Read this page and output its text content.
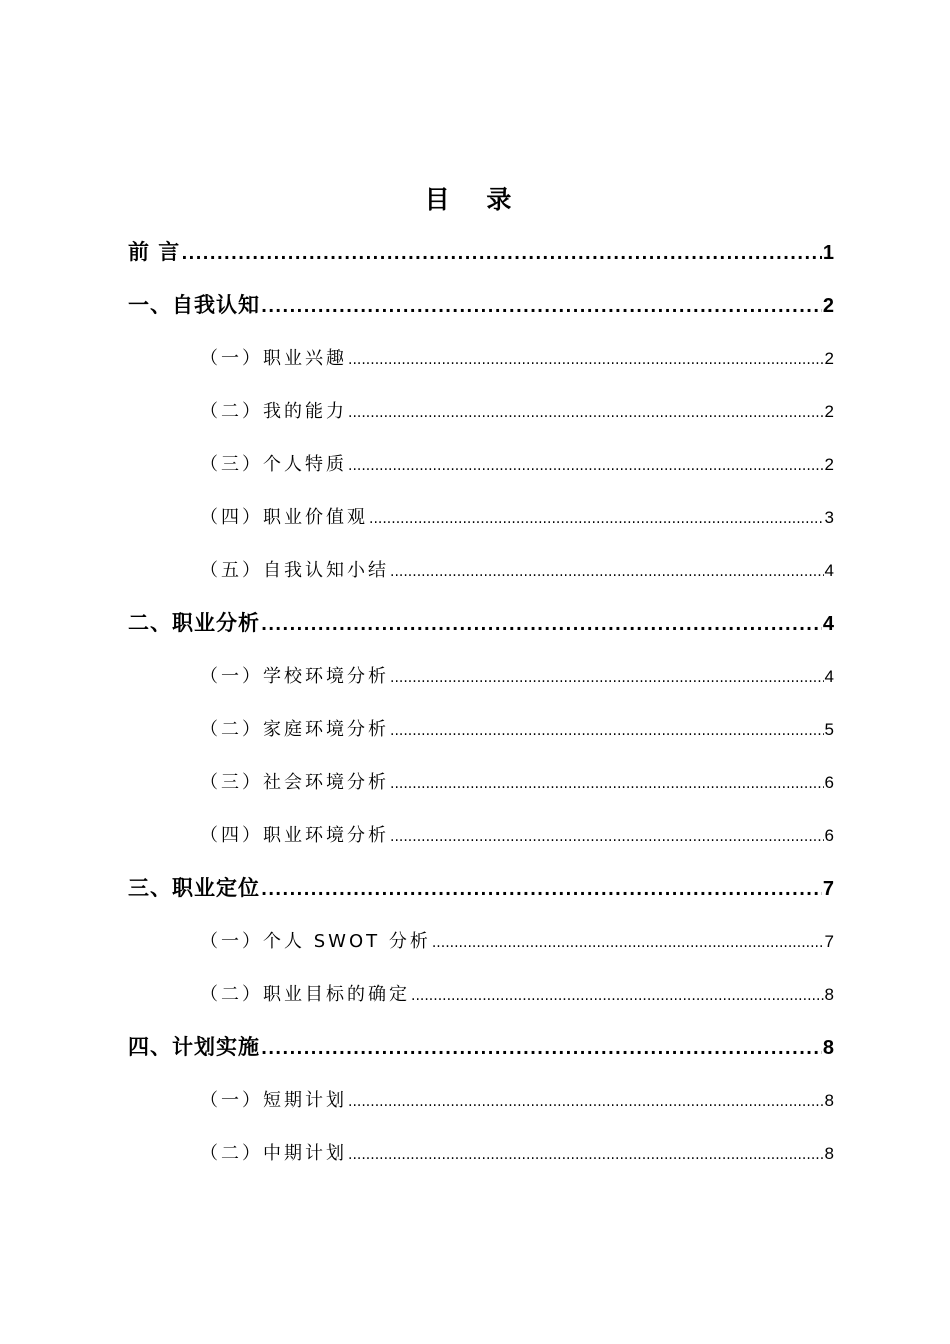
目 录
前 言 .....	1
一、自我认知 .....	2
（一）职业兴趣 .....	2
（二）我的能力 .....	2
（三）个人特质 .....	2
（四）职业价值观 .....	3
（五）自我认知小结 .....	4
二、职业分析 .....	4
（一）学校环境分析 .....	4
（二）家庭环境分析 .....	5
（三）社会环境分析 .....	6
（四）职业环境分析 .....	6
三、职业定位 .....	7
（一）个人 SWOT 分析 .....	7
（二）职业目标的确定 .....	8
四、计划实施 .....	8
（一）短期计划 .....	8
（二）中期计划 .....	8
